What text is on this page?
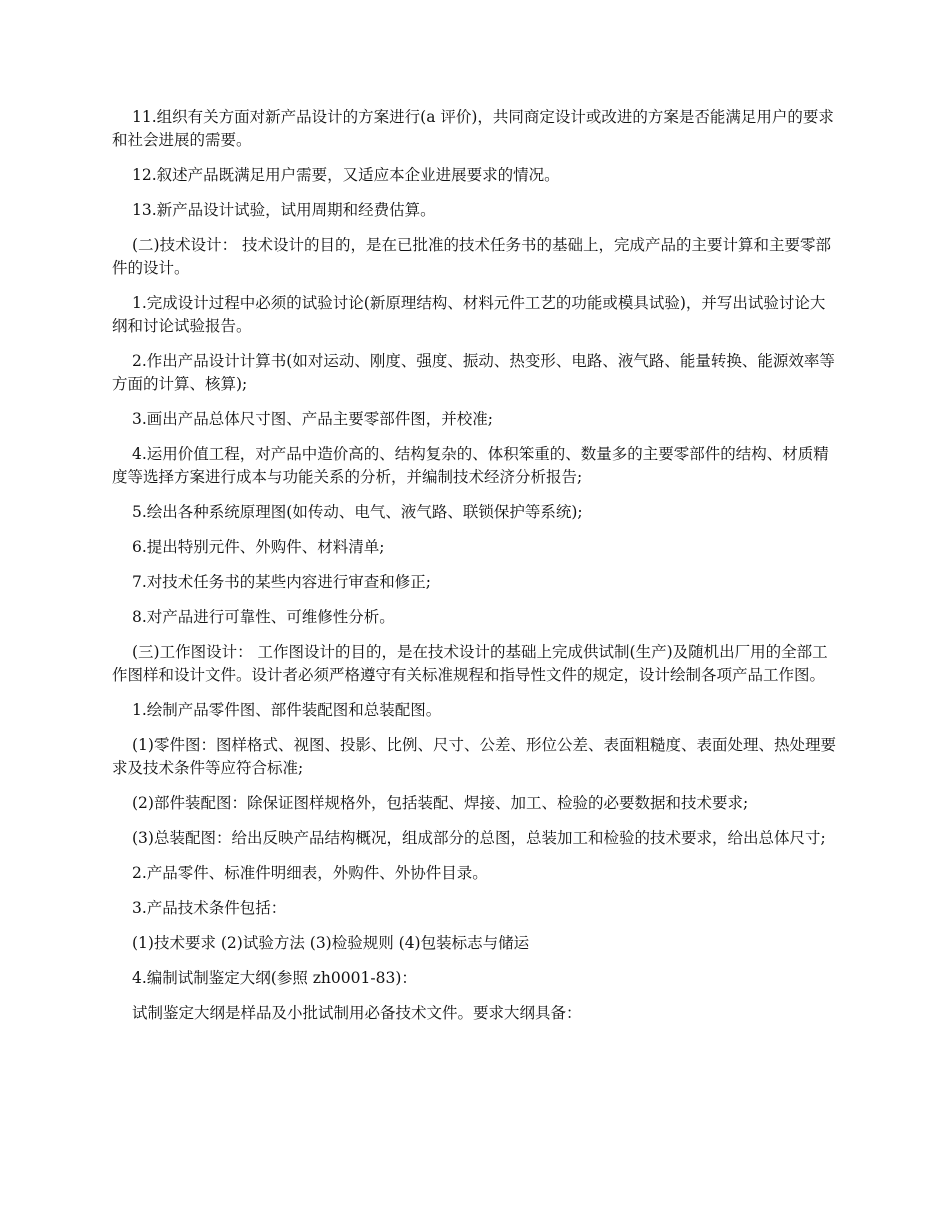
11.组织有关方面对新产品设计的方案进行(a 评价)，共同商定设计或改进的方案是否能满足用户的要求和社会进展的需要。

12.叙述产品既满足用户需要，又适应本企业进展要求的情况。

13.新产品设计试验，试用周期和经费估算。

(二)技术设计： 技术设计的目的，是在已批准的技术任务书的基础上，完成产品的主要计算和主要零部件的设计。

1.完成设计过程中必须的试验讨论(新原理结构、材料元件工艺的功能或模具试验)，并写出试验讨论大纲和讨论试验报告。

2.作出产品设计计算书(如对运动、刚度、强度、振动、热变形、电路、液气路、能量转换、能源效率等方面的计算、核算);

3.画出产品总体尺寸图、产品主要零部件图，并校准;

4.运用价值工程，对产品中造价高的、结构复杂的、体积笨重的、数量多的主要零部件的结构、材质精度等选择方案进行成本与功能关系的分析，并编制技术经济分析报告;

5.绘出各种系统原理图(如传动、电气、液气路、联锁保护等系统);

6.提出特别元件、外购件、材料清单;

7.对技术任务书的某些内容进行审查和修正;

8.对产品进行可靠性、可维修性分析。

(三)工作图设计： 工作图设计的目的，是在技术设计的基础上完成供试制(生产)及随机出厂用的全部工作图样和设计文件。设计者必须严格遵守有关标准规程和指导性文件的规定，设计绘制各项产品工作图。

1.绘制产品零件图、部件装配图和总装配图。

(1)零件图：图样格式、视图、投影、比例、尺寸、公差、形位公差、表面粗糙度、表面处理、热处理要求及技术条件等应符合标准;

(2)部件装配图：除保证图样规格外，包括装配、焊接、加工、检验的必要数据和技术要求;

(3)总装配图：给出反映产品结构概况，组成部分的总图，总装加工和检验的技术要求，给出总体尺寸;

2.产品零件、标准件明细表，外购件、外协件目录。

3.产品技术条件包括：

(1)技术要求 (2)试验方法 (3)检验规则 (4)包装标志与储运

4.编制试制鉴定大纲(参照 zh0001-83)：

试制鉴定大纲是样品及小批试制用必备技术文件。要求大纲具备：
